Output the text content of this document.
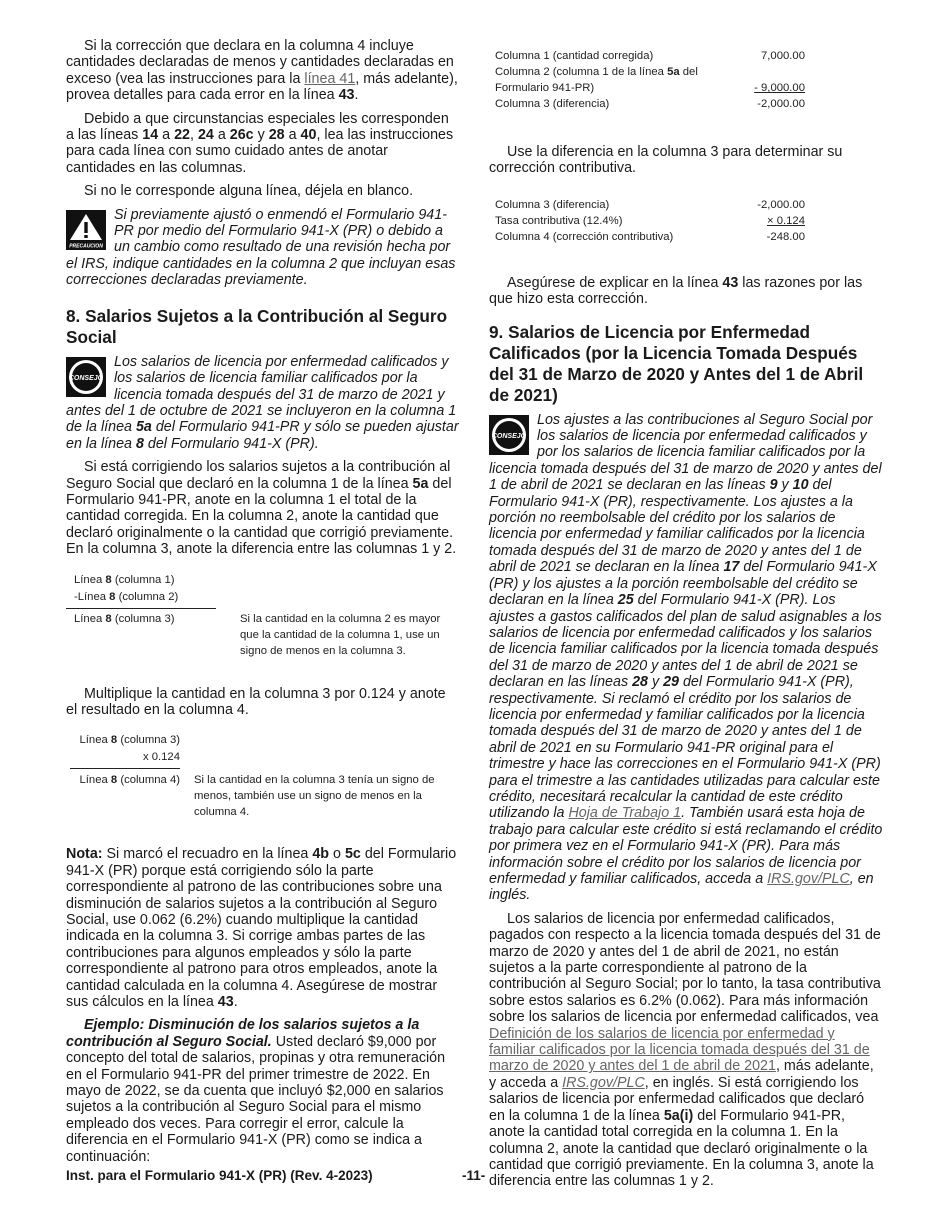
Si la corrección que declara en la columna 4 incluye cantidades declaradas de menos y cantidades declaradas en exceso (vea las instrucciones para la línea 41, más adelante), provea detalles para cada error en la línea 43.

Debido a que circunstancias especiales les corresponden a las líneas 14 a 22, 24 a 26c y 28 a 40, lea las instrucciones para cada línea con sumo cuidado antes de anotar cantidades en las columnas.

Si no le corresponde alguna línea, déjela en blanco.

PRECAUCION
Si previamente ajustó o enmendó el Formulario 941-PR por medio del Formulario 941-X (PR) o debido a un cambio como resultado de una revisión hecha por el IRS, indique cantidades en la columna 2 que incluyan esas correcciones declaradas previamente.
8. Salarios Sujetos a la Contribución al Seguro Social
CONSEJO
Los salarios de licencia por enfermedad calificados y los salarios de licencia familiar calificados por la licencia tomada después del 31 de marzo de 2021 y antes del 1 de octubre de 2021 se incluyeron en la columna 1 de la línea 5a del Formulario 941-PR y sólo se pueden ajustar en la línea 8 del Formulario 941-X (PR).

Si está corrigiendo los salarios sujetos a la contribución al Seguro Social que declaró en la columna 1 de la línea 5a del Formulario 941-PR, anote en la columna 1 el total de la cantidad corregida. En la columna 2, anote la cantidad que declaró originalmente o la cantidad que corrigió previamente. En la columna 3, anote la diferencia entre las columnas 1 y 2.

Línea 8 (columna 1)
-Línea 8 (columna 2)
Línea 8 (columna 3)	Si la cantidad en la columna 2 es mayor que la cantidad de la columna 1, use un signo de menos en la columna 3.

Multiplique la cantidad en la columna 3 por 0.124 y anote el resultado en la columna 4.

Línea 8 (columna 3)
x 0.124
Línea 8 (columna 4) Si la cantidad en la columna 3 tenía un signo de menos, también use un signo de menos en la columna 4.

Nota: Si marcó el recuadro en la línea 4b o 5c del Formulario 941-X (PR) porque está corrigiendo sólo la parte correspondiente al patrono de las contribuciones sobre una disminución de salarios sujetos a la contribución al Seguro Social, use 0.062 (6.2%) cuando multiplique la cantidad indicada en la columna 3. Si corrige ambas partes de las contribuciones para algunos empleados y sólo la parte correspondiente al patrono para otros empleados, anote la cantidad calculada en la columna 4. Asegúrese de mostrar sus cálculos en la línea 43.

Ejemplo: Disminución de los salarios sujetos a la contribución al Seguro Social. Usted declaró $9,000 por concepto del total de salarios, propinas y otra remuneración en el Formulario 941-PR del primer trimestre de 2022. En mayo de 2022, se da cuenta que incluyó $2,000 en salarios sujetos a la contribución al Seguro Social para el mismo empleado dos veces. Para corregir el error, calcule la diferencia en el Formulario 941-X (PR) como se indica a continuación:

Columna 1 (cantidad corregida)	7,000.00
Columna 2 (columna 1 de la línea 5a del
Formulario 941-PR)	- 9,000.00
Columna 3 (diferencia)	-2,000.00

Use la diferencia en la columna 3 para determinar su corrección contributiva.

Columna 3 (diferencia)	-2,000.00
Tasa contributiva (12.4%)	× 0.124
Columna 4 (corrección contributiva)	-248.00

Asegúrese de explicar en la línea 43 las razones por las que hizo esta corrección.

9. Salarios de Licencia por Enfermedad Calificados (por la Licencia Tomada Después del 31 de Marzo de 2020 y Antes del 1 de Abril de 2021)
CONSEJO
Los ajustes a las contribuciones al Seguro Social por los salarios de licencia por enfermedad calificados y por los salarios de licencia familiar calificados por la licencia tomada después del 31 de marzo de 2020 y antes del 1 de abril de 2021 se declaran en las líneas 9 y 10 del Formulario 941-X (PR), respectivamente. Los ajustes a la porción no reembolsable del crédito por los salarios de licencia por enfermedad y familiar calificados por la licencia tomada después del 31 de marzo de 2020 y antes del 1 de abril de 2021 se declaran en la línea 17 del Formulario 941-X (PR) y los ajustes a la porción reembolsable del crédito se declaran en la línea 25 del Formulario 941-X (PR). Los ajustes a gastos calificados del plan de salud asignables a los salarios de licencia por enfermedad calificados y los salarios de licencia familiar calificados por la licencia tomada después del 31 de marzo de 2020 y antes del 1 de abril de 2021 se declaran en las líneas 28 y 29 del Formulario 941-X (PR), respectivamente. Si reclamó el crédito por los salarios de licencia por enfermedad y familiar calificados por la licencia tomada después del 31 de marzo de 2020 y antes del 1 de abril de 2021 en su Formulario 941-PR original para el trimestre y hace las correcciones en el Formulario 941-X (PR) para el trimestre a las cantidades utilizadas para calcular este crédito, necesitará recalcular la cantidad de este crédito utilizando la Hoja de Trabajo 1. También usará esta hoja de trabajo para calcular este crédito si está reclamando el crédito por primera vez en el Formulario 941-X (PR). Para más información sobre el crédito por los salarios de licencia por enfermedad y familiar calificados, acceda a IRS.gov/PLC, en inglés.

Los salarios de licencia por enfermedad calificados, pagados con respecto a la licencia tomada después del 31 de marzo de 2020 y antes del 1 de abril de 2021, no están sujetos a la parte correspondiente al patrono de la contribución al Seguro Social; por lo tanto, la tasa contributiva sobre estos salarios es 6.2% (0.062). Para más información sobre los salarios de licencia por enfermedad calificados, vea Definición de los salarios de licencia por enfermedad y familiar calificados por la licencia tomada después del 31 de marzo de 2020 y antes del 1 de abril de 2021, más adelante, y acceda a IRS.gov/PLC, en inglés. Si está corrigiendo los salarios de licencia por enfermedad calificados que declaró en la columna 1 de la línea 5a(i) del Formulario 941-PR, anote la cantidad total corregida en la columna 1. En la columna 2, anote la cantidad que declaró originalmente o la cantidad que corrigió previamente. En la columna 3, anote la diferencia entre las columnas 1 y 2.

Inst. para el Formulario 941-X (PR) (Rev. 4-2023)	-11-
